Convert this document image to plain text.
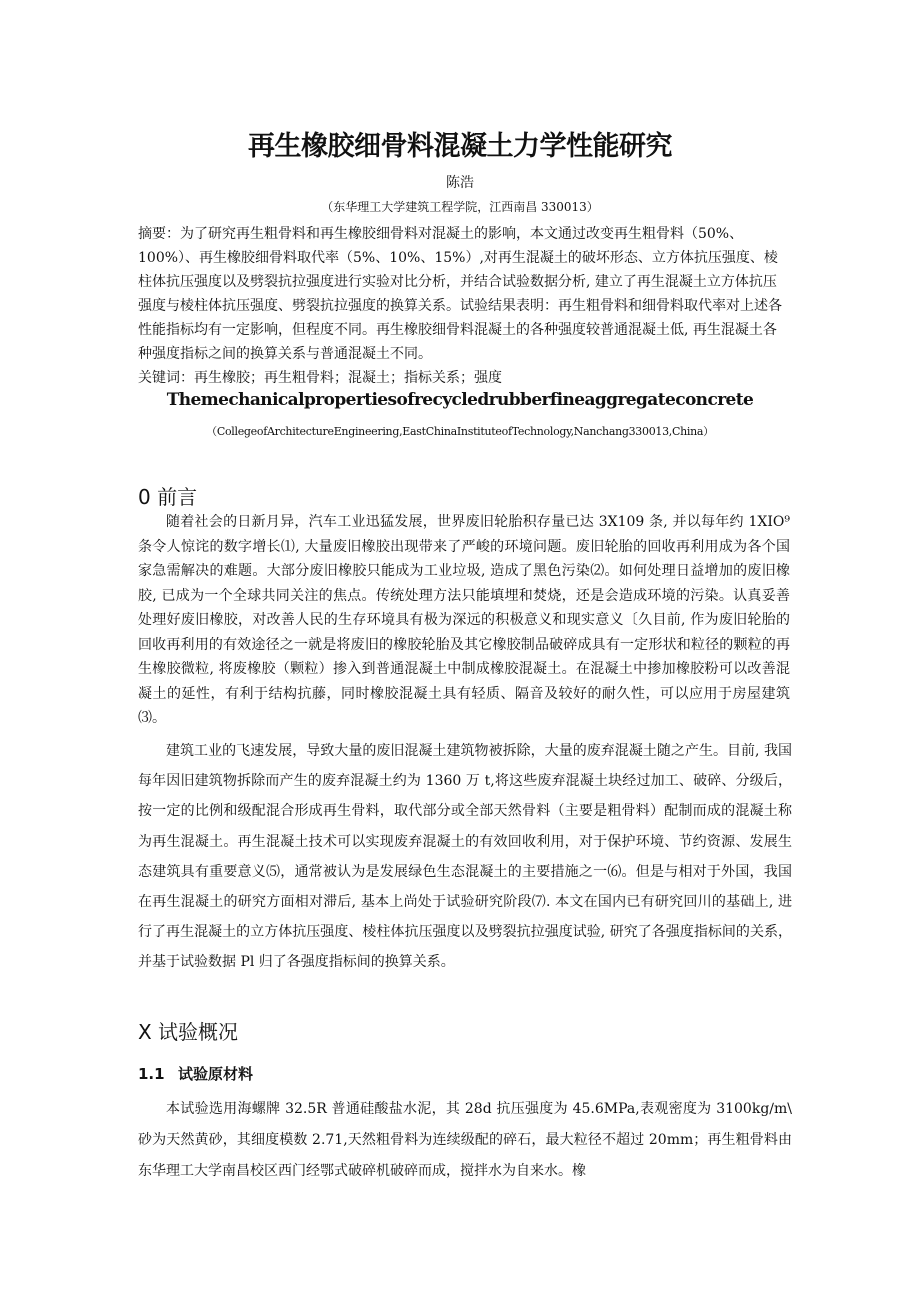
再生橡胶细骨料混凝土力学性能研究
陈浩
（东华理工大学建筑工程学院，江西南昌 330013）

摘要：为了研究再生粗骨料和再生橡胶细骨料对混凝土的影响，本文通过改变再生粗骨料（50%、100%）、再生橡胶细骨料取代率（5%、10%、15%）,对再生混凝土的破坏形态、立方体抗压强度、棱柱体抗压强度以及劈裂抗拉强度进行实验对比分析，并结合试验数据分析, 建立了再生混凝土立方体抗压强度与棱柱体抗压强度、劈裂抗拉强度的换算关系。试验结果表明：再生粗骨料和细骨料取代率对上述各性能指标均有一定影响，但程度不同。再生橡胶细骨料混凝土的各种强度较普通混凝土低, 再生混凝土各种强度指标之间的换算关系与普通混凝土不同。

关键词：再生橡胶；再生粗骨料；混凝土；指标关系；强度
Themechanicalpropertiesofrecycledrubberfineaggregateconcrete
（CollegeofArchitectureEngineering,EastChinaInstituteofTechnology,Nanchang330013,China）
0 前言

随着社会的日新月异，汽车工业迅猛发展，世界废旧轮胎积存量已达 3X109 条, 并以每年约 1XIO⁹ 条令人惊诧的数字增长⑴, 大量废旧橡胶出现带来了严峻的环境问题。废旧轮胎的回收再利用成为各个国家急需解决的难题。大部分废旧橡胶只能成为工业垃圾, 造成了黑色污染⑵。如何处理日益增加的废旧橡胶, 已成为一个全球共同关注的焦点。传统处理方法只能填埋和焚烧，还是会造成环境的污染。认真妥善处理好废旧橡胶，对改善人民的生存环境具有极为深远的积极意义和现实意义〔久目前, 作为废旧轮胎的回收再利用的有效途径之一就是将废旧的橡胶轮胎及其它橡胶制品破碎成具有一定形状和粒径的颗粒的再生橡胶微粒, 将废橡胶（颗粒）掺入到普通混凝土中制成橡胶混凝土。在混凝土中掺加橡胶粉可以改善混凝土的延性，有利于结构抗藤，同时橡胶混凝土具有轻质、隔音及较好的耐久性，可以应用于房屋建筑⑶。

建筑工业的飞速发展，导致大量的废旧混凝土建筑物被拆除，大量的废弃混凝土随之产生。目前, 我国每年因旧建筑物拆除而产生的废弃混凝土约为 1360 万 t,将这些废弃混凝土块经过加工、破碎、分级后，按一定的比例和级配混合形成再生骨料，取代部分或全部天然骨料（主要是粗骨料）配制而成的混凝土称为再生混凝土。再生混凝土技术可以实现废弃混凝土的有效回收利用，对于保护环境、节约资源、发展生态建筑具有重要意义⑸，通常被认为是发展绿色生态混凝土的主要措施之一⑹。但是与相对于外国，我国在再生混凝土的研究方面相对滞后, 基本上尚处于试验研究阶段⑺. 本文在国内已有研究回川的基础上, 进行了再生混凝土的立方体抗压强度、棱柱体抗压强度以及劈裂抗拉强度试验, 研究了各强度指标间的关系，并基于试验数据 Pl 归了各强度指标间的换算关系。

X 试验概况
1.1 试验原材料

本试验选用海螺牌 32.5R 普通硅酸盐水泥，其 28d 抗压强度为 45.6MPa,表观密度为 3100kg∕m\ 砂为天然黄砂，其细度模数 2.71,天然粗骨料为连续级配的碎石，最大粒径不超过 20mm；再生粗骨料由东华理工大学南昌校区西门经鄂式破碎机破碎而成，搅拌水为自来水。橡
